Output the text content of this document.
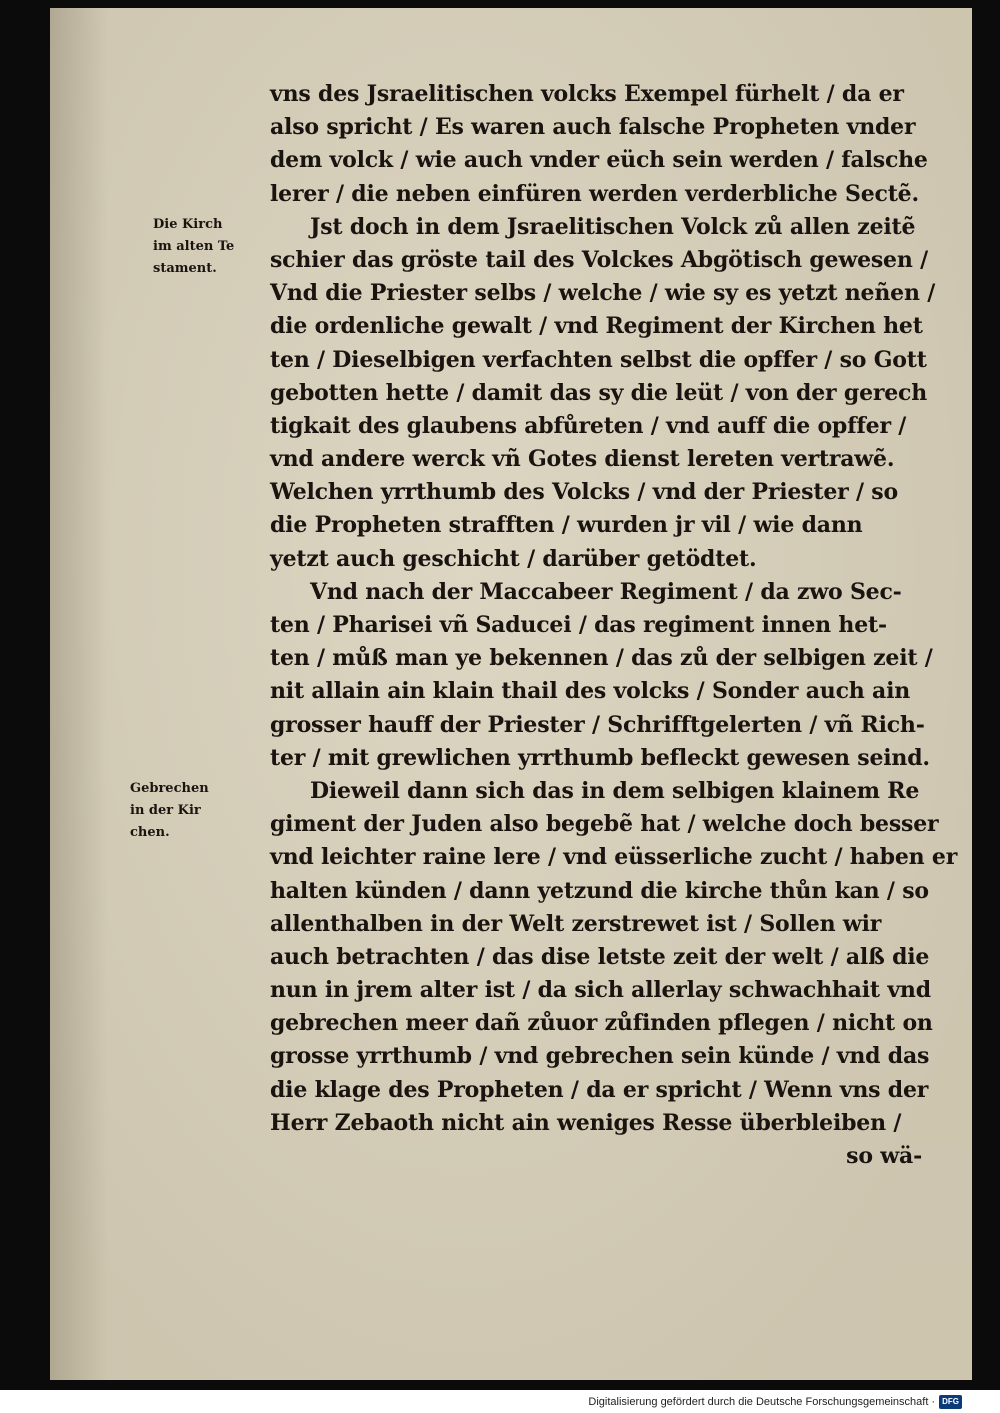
Die Kirch
im alten Te
stament.
Gebrechen
in der Kir
chen.
vns des Jsraelitischen volcks Exempel fürhelt / da er
also spricht / Es waren auch falsche Propheten vnder
dem volck / wie auch vnder eüch sein werden / falsche
lerer / die neben einfüren werden verderbliche Sectẽ.
Jst doch in dem Jsraelitischen Volck zů allen zeitẽ
schier das gröste tail des Volckes Abgötisch gewesen /
Vnd die Priester selbs / welche / wie sy es yetzt neñen /
die ordenliche gewalt / vnd Regiment der Kirchen het
ten / Dieselbigen verfachten selbst die opffer / so Gott
gebotten hette / damit das sy die leüt / von der gerech
tigkait des glaubens abfůreten / vnd auff die opffer /
vnd andere werck vñ Gotes dienst lereten vertrawẽ.
Welchen yrrthumb des Volcks / vnd der Priester / so
die Propheten strafften / wurden jr vil / wie dann
yetzt auch geschicht / darüber getödtet.
Vnd nach der Maccabeer Regiment / da zwo Sec-
ten / Pharisei vñ Saducei / das regiment innen het-
ten / můß man ye bekennen / das zů der selbigen zeit /
nit allain ain klain thail des volcks / Sonder auch ain
grosser hauff der Priester / Schrifftgelerten / vñ Rich-
ter / mit grewlichen yrrthumb befleckt gewesen seind.
Dieweil dann sich das in dem selbigen klainem Re
giment der Juden also begebẽ hat / welche doch besser
vnd leichter raine lere / vnd eüsserliche zucht / haben er
halten künden / dann yetzund die kirche thůn kan / so
allenthalben in der Welt zerstrewet ist / Sollen wir
auch betrachten / das dise letste zeit der welt / alß die
nun in jrem alter ist / da sich allerlay schwachhait vnd
gebrechen meer dañ zůuor zůfinden pflegen / nicht on
grosse yrrthumb / vnd gebrechen sein künde / vnd das
die klage des Propheten / da er spricht / Wenn vns der
Herr Zebaoth nicht ain weniges Resse überbleiben /
so wä-
Digitalisierung gefördert durch die Deutsche Forschungsgemeinschaft · DFG
